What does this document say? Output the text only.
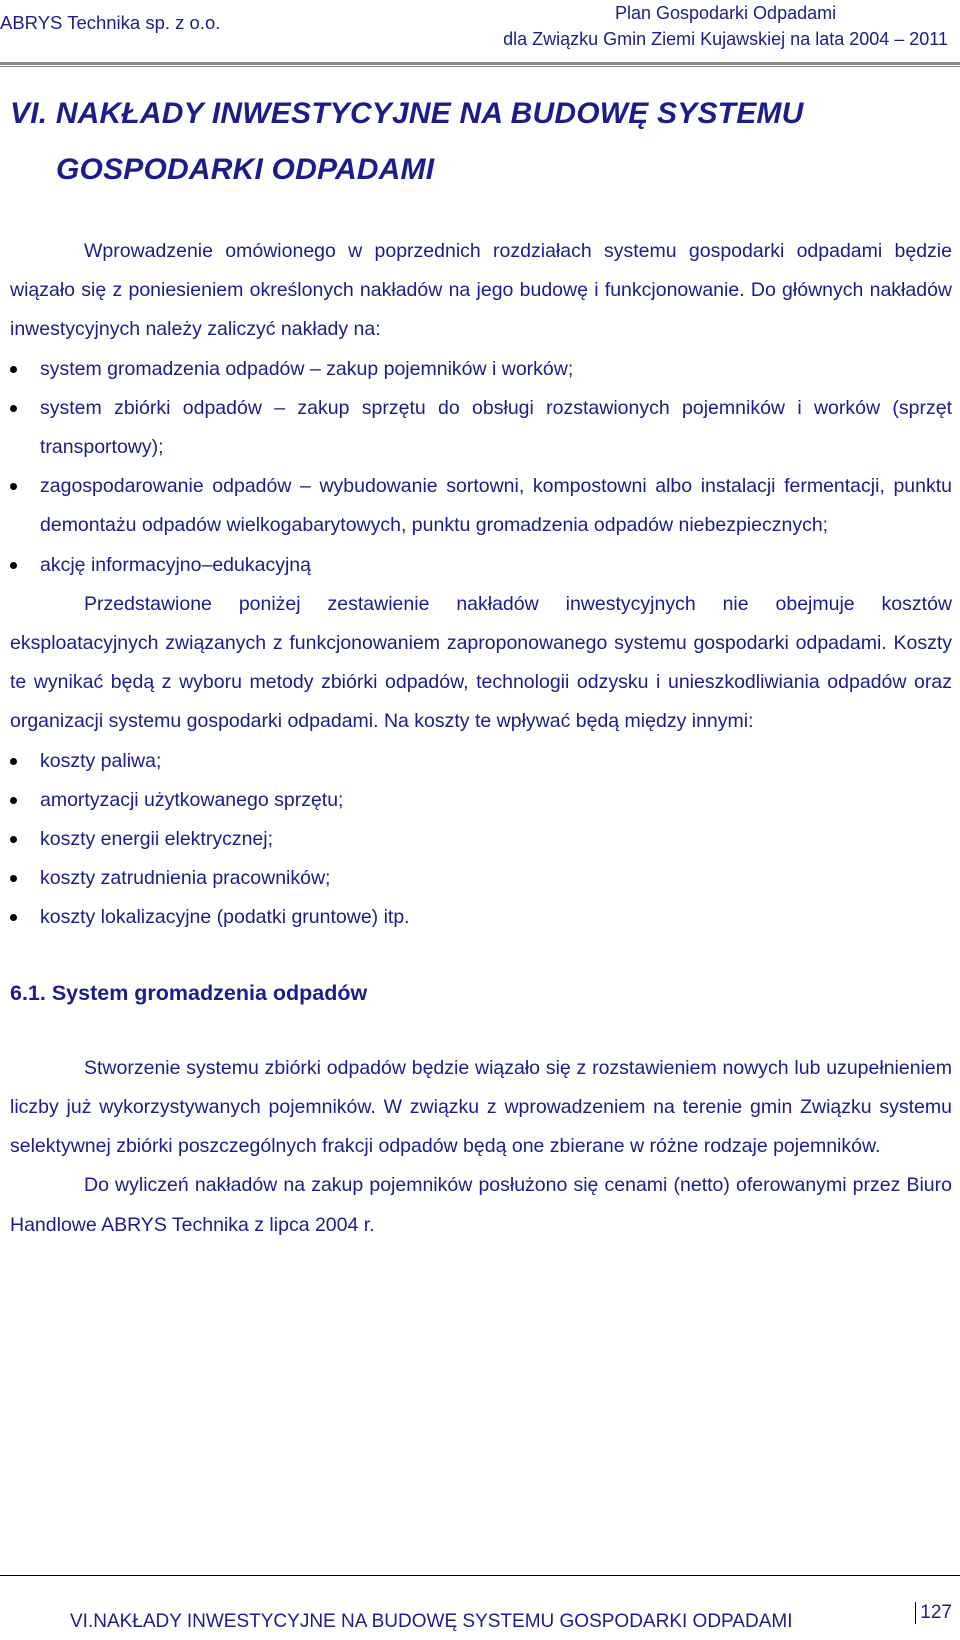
ABRYS Technika sp. z o.o.	Plan Gospodarki Odpadami
dla Związku Gmin Ziemi Kujawskiej na lata 2004 – 2011
VI. NAKŁADY INWESTYCYJNE NA BUDOWĘ SYSTEMU
GOSPODARKI ODPADAMI

Wprowadzenie omówionego w poprzednich rozdziałach systemu gospodarki odpadami będzie wiązało się z poniesieniem określonych nakładów na jego budowę i funkcjonowanie. Do głównych nakładów inwestycyjnych należy zaliczyć nakłady na:

system gromadzenia odpadów – zakup pojemników i worków;
system zbiórki odpadów – zakup sprzętu do obsługi rozstawionych pojemników i worków (sprzęt transportowy);
zagospodarowanie odpadów – wybudowanie sortowni, kompostowni albo instalacji fermentacji, punktu demontażu odpadów wielkogabarytowych, punktu gromadzenia odpadów niebezpiecznych;
akcję informacyjno–edukacyjną

Przedstawione poniżej zestawienie nakładów inwestycyjnych nie obejmuje kosztów eksploatacyjnych związanych z funkcjonowaniem zaproponowanego systemu gospodarki odpadami. Koszty te wynikać będą z wyboru metody zbiórki odpadów, technologii odzysku i unieszkodliwiania odpadów oraz organizacji systemu gospodarki odpadami. Na koszty te wpływać będą między innymi:

koszty paliwa;
amortyzacji użytkowanego sprzętu;
koszty energii elektrycznej;
koszty zatrudnienia pracowników;
koszty lokalizacyjne (podatki gruntowe) itp.
6.1. System gromadzenia odpadów

Stworzenie systemu zbiórki odpadów będzie wiązało się z rozstawieniem nowych lub uzupełnieniem liczby już wykorzystywanych pojemników. W związku z wprowadzeniem na terenie gmin Związku systemu selektywnej zbiórki poszczególnych frakcji odpadów będą one zbierane w różne rodzaje pojemników.

Do wyliczeń nakładów na zakup pojemników posłużono się cenami (netto) oferowanymi przez Biuro Handlowe ABRYS Technika z lipca 2004 r.

VI.NAKŁADY INWESTYCYJNE NA BUDOWĘ SYSTEMU GOSPODARKI ODPADAMI	127
